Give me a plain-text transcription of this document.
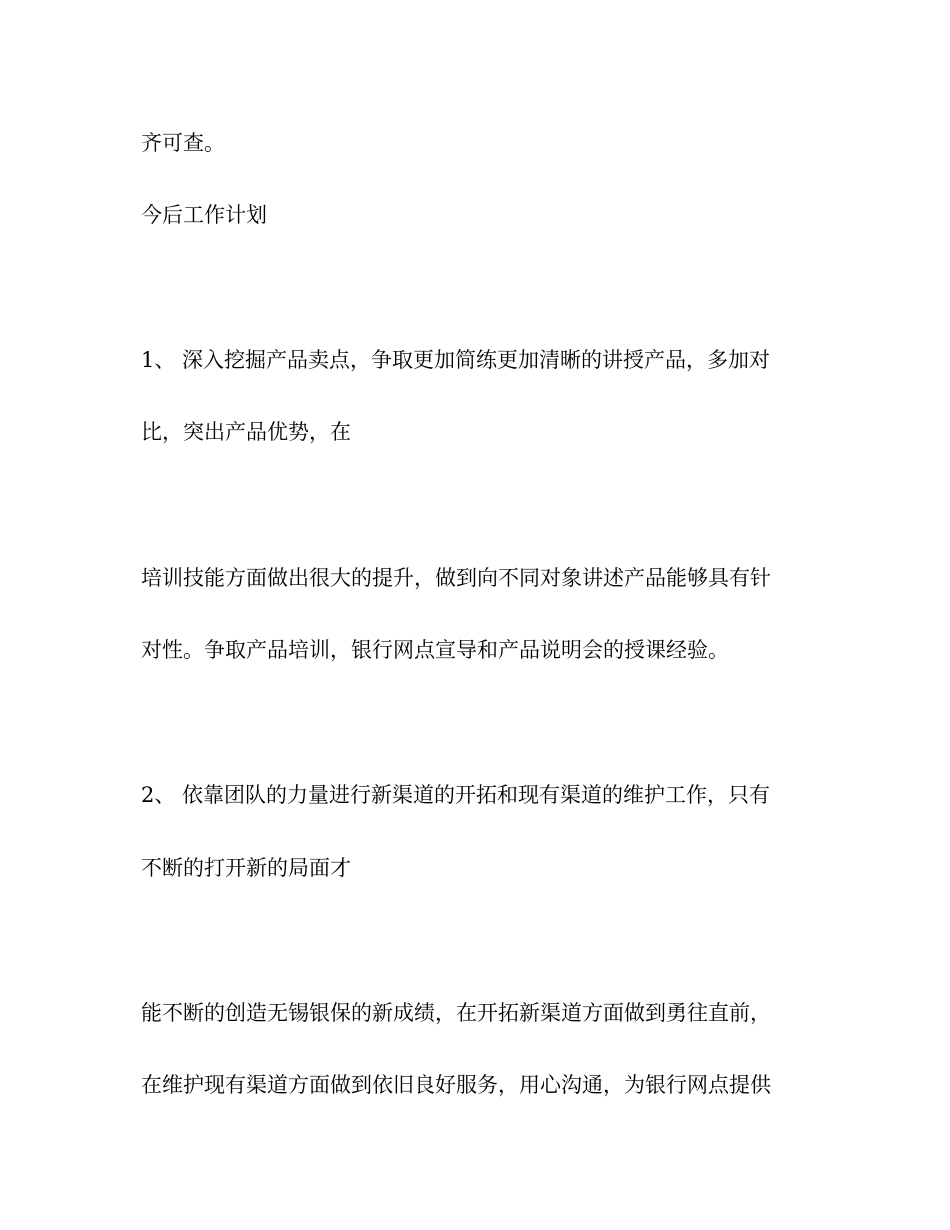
齐可查。
今后工作计划
1、 深入挖掘产品卖点，争取更加简练更加清晰的讲授产品，多加对
比，突出产品优势，在
培训技能方面做出很大的提升，做到向不同对象讲述产品能够具有针
对性。争取产品培训，银行网点宣导和产品说明会的授课经验。
2、 依靠团队的力量进行新渠道的开拓和现有渠道的维护工作，只有
不断的打开新的局面才
能不断的创造无锡银保的新成绩，在开拓新渠道方面做到勇往直前，
在维护现有渠道方面做到依旧良好服务，用心沟通，为银行网点提供
